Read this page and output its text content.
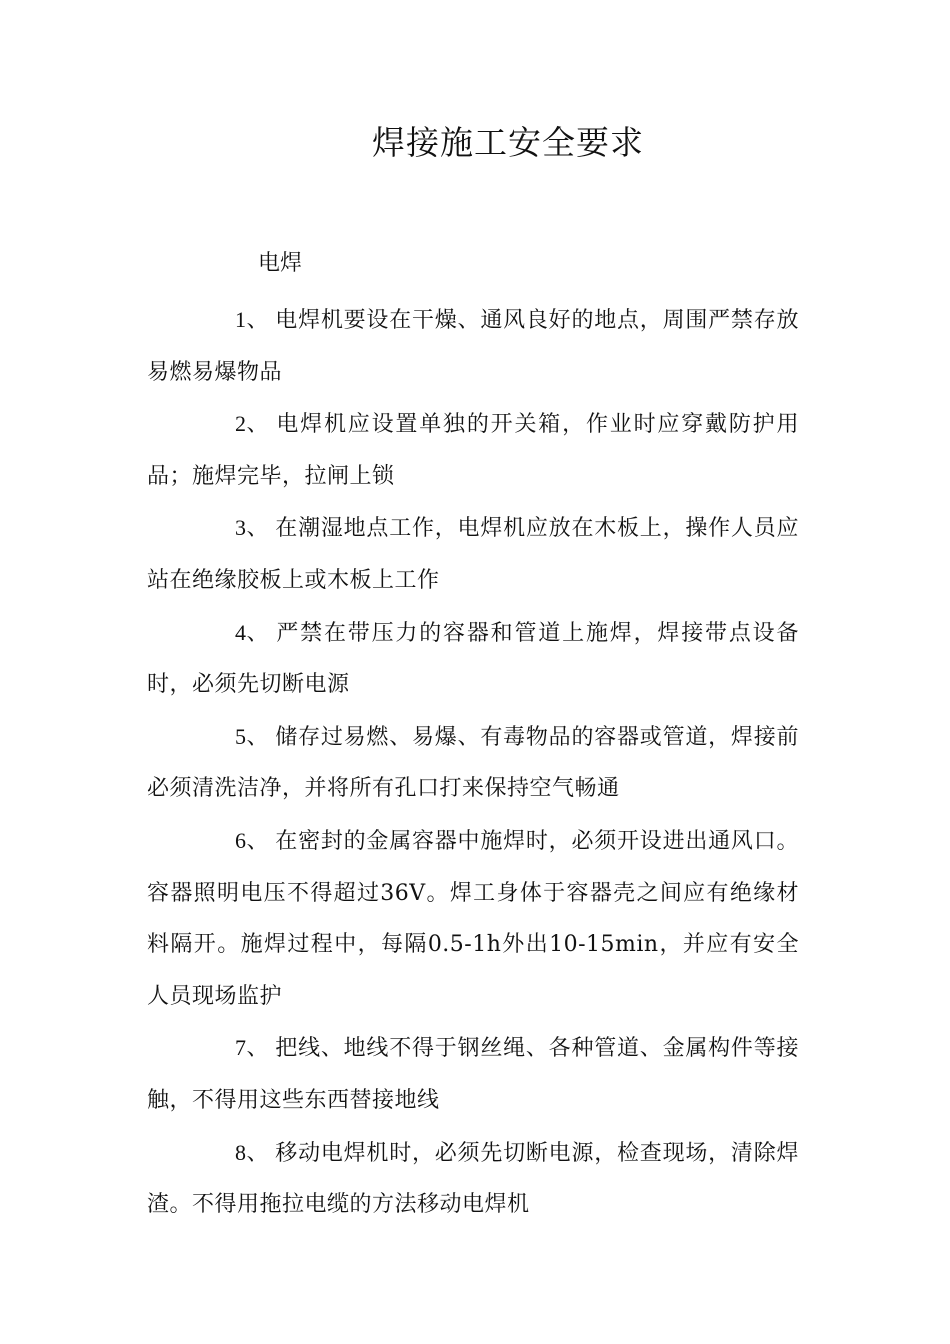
焊接施工安全要求

电焊

1、 电焊机要设在干燥、通风良好的地点，周围严禁存放易燃易爆物品

2、 电焊机应设置单独的开关箱，作业时应穿戴防护用品；施焊完毕，拉闸上锁

3、 在潮湿地点工作，电焊机应放在木板上，操作人员应站在绝缘胶板上或木板上工作

4、 严禁在带压力的容器和管道上施焊，焊接带点设备时，必须先切断电源

5、 储存过易燃、易爆、有毒物品的容器或管道，焊接前必须清洗洁净，并将所有孔口打来保持空气畅通

6、 在密封的金属容器中施焊时，必须开设进出通风口。容器照明电压不得超过36V。焊工身体于容器壳之间应有绝缘材料隔开。施焊过程中，每隔0.5-1h外出10-15min，并应有安全人员现场监护

7、 把线、地线不得于钢丝绳、各种管道、金属构件等接触，不得用这些东西替接地线

8、 移动电焊机时，必须先切断电源，检查现场，清除焊渣。不得用拖拉电缆的方法移动电焊机
